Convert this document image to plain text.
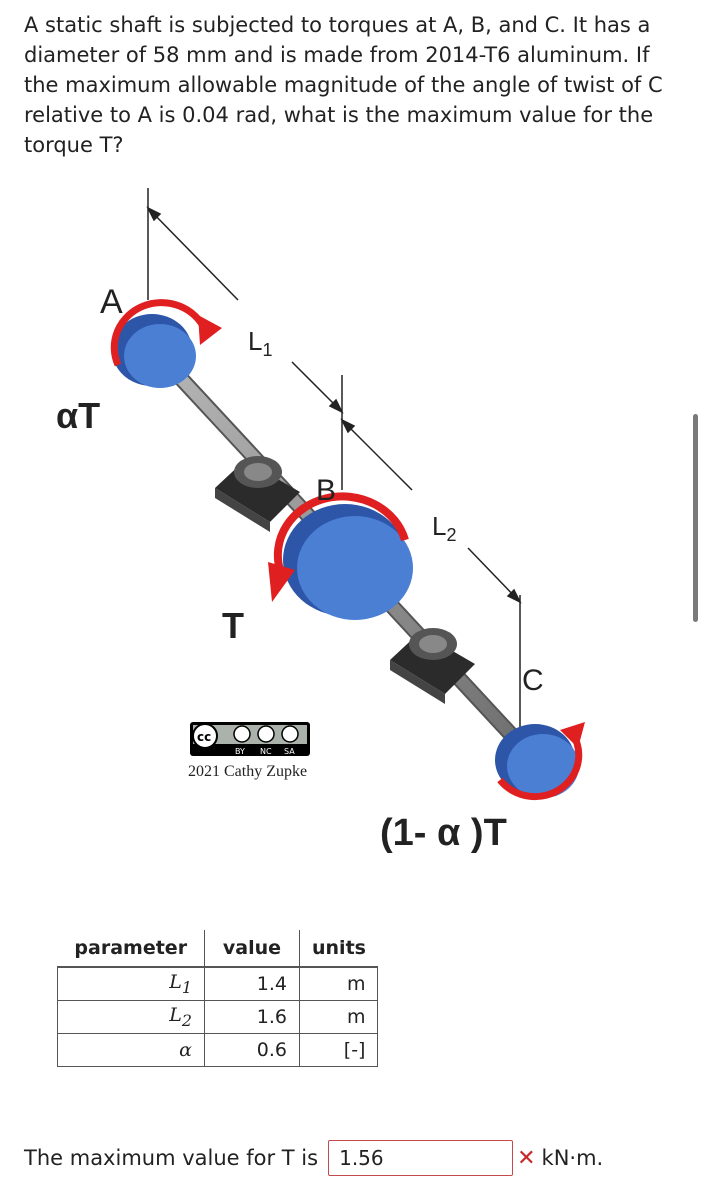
A static shaft is subjected to torques at A, B, and C. It has a diameter of 58 mm and is made from 2014-T6 aluminum. If the maximum allowable magnitude of the angle of twist of C relative to A is 0.04 rad, what is the maximum value for the torque T?

A
B
C
$L_1$
$L_2$
αT
T
(1- α )T
cc
BY NC SA
2021 Cathy Zupke
parameter	value	units
$L_1$	1.4	m
$L_2$	1.6	m
α	0.6	[-]
The maximum value for T is 1.56	✕ kN·m.
